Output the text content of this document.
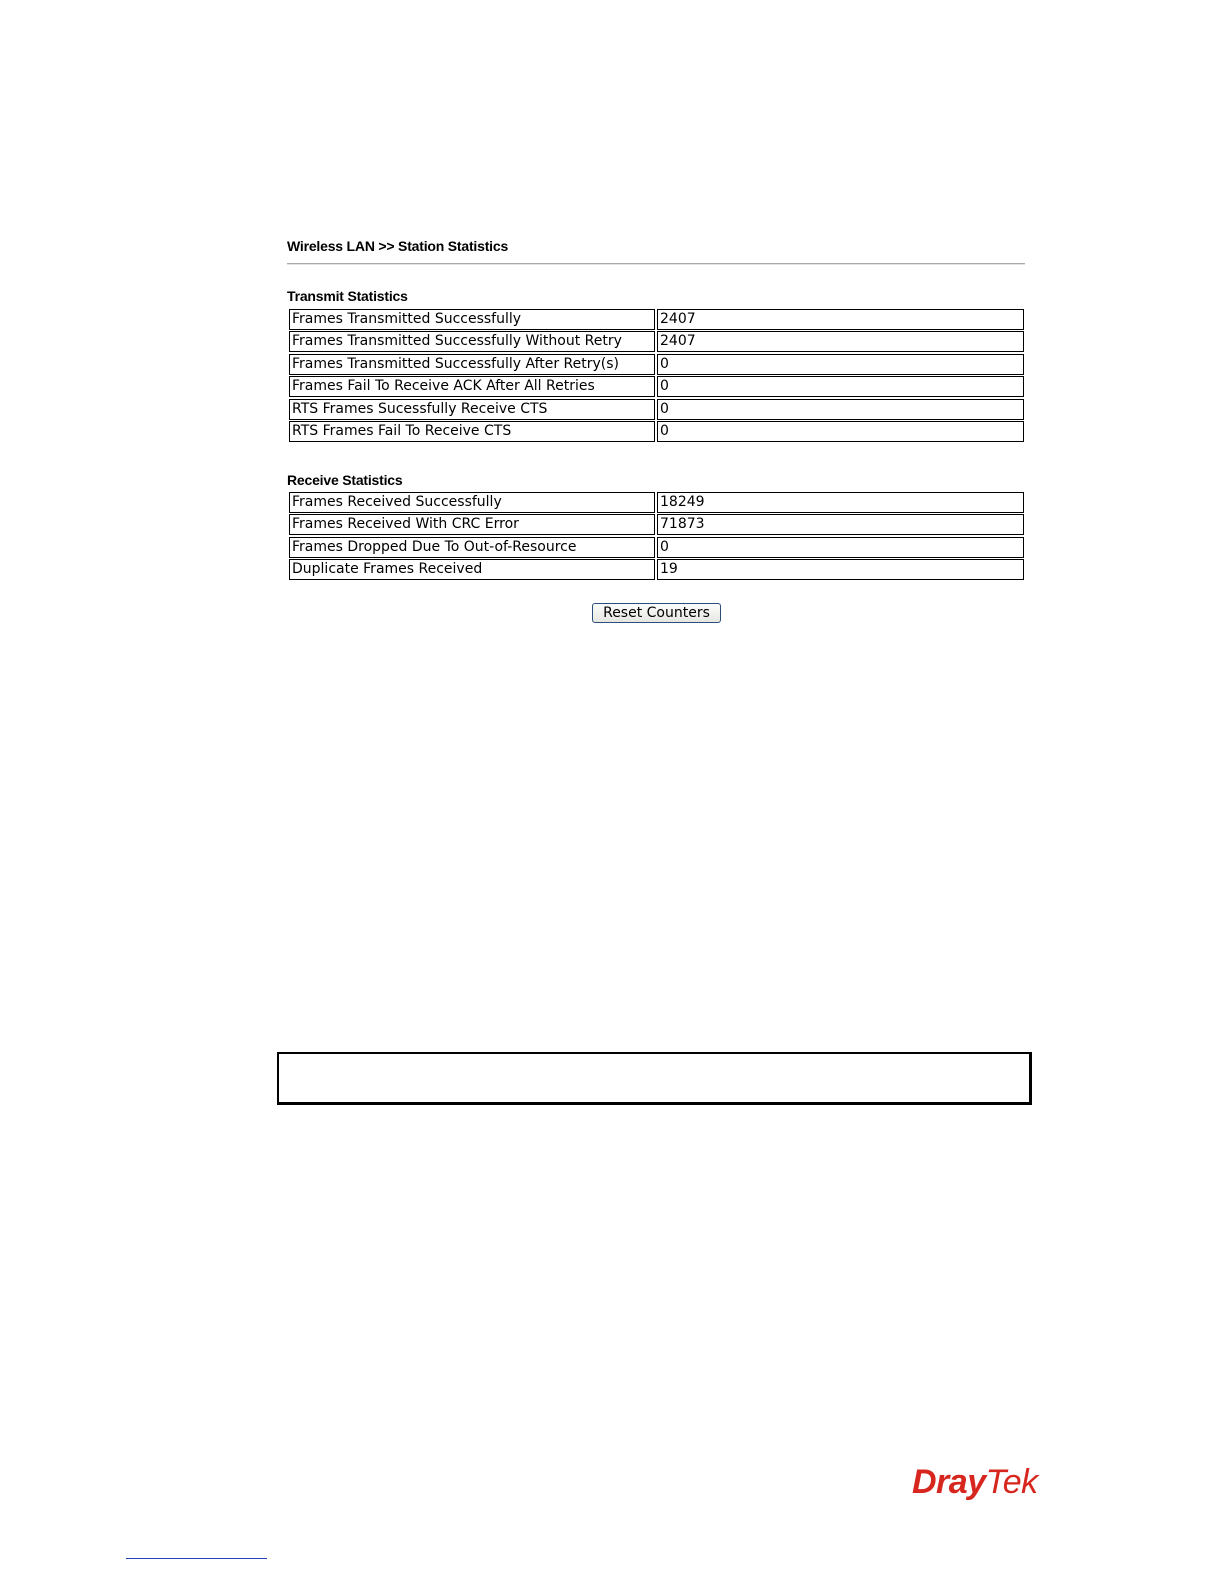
Wireless LAN >> Station Statistics
Transmit Statistics
Frames Transmitted Successfully	2407
Frames Transmitted Successfully Without Retry	2407
Frames Transmitted Successfully After Retry(s)	0
Frames Fail To Receive ACK After All Retries	0
RTS Frames Sucessfully Receive CTS	0
RTS Frames Fail To Receive CTS	0
Receive Statistics
Frames Received Successfully	18249
Frames Received With CRC Error	71873
Frames Dropped Due To Out-of-Resource	0
Duplicate Frames Received	19
Reset Counters
DrayTek
